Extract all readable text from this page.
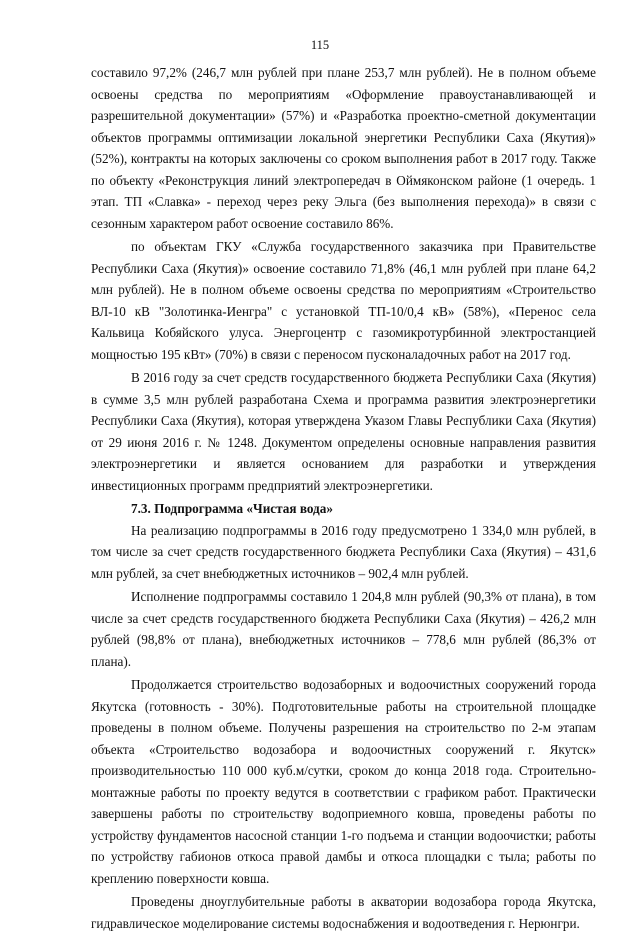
115

составило 97,2% (246,7 млн рублей при плане 253,7 млн рублей). Не в полном объеме освоены средства по мероприятиям «Оформление правоустанавливающей и разрешительной документации» (57%) и «Разработка проектно-сметной документации объектов программы оптимизации локальной энергетики Республики Саха (Якутия)» (52%), контракты на которых заключены со сроком выполнения работ в 2017 году. Также по объекту «Реконструкция линий электропередач в Оймяконском районе (1 очередь. 1 этап. ТП «Славка» - переход через реку Эльга (без выполнения перехода)» в связи с сезонным характером работ освоение составило 86%.

по объектам ГКУ «Служба государственного заказчика при Правительстве Республики Саха (Якутия)» освоение составило 71,8% (46,1 млн рублей при плане 64,2 млн рублей). Не в полном объеме освоены средства по мероприятиям «Строительство ВЛ-10 кВ "Золотинка-Иенгра" с установкой ТП-10/0,4 кВ» (58%), «Перенос села Кальвица Кобяйского улуса. Энергоцентр с газомикротурбинной электростанцией мощностью 195 кВт» (70%) в связи с переносом пусконаладочных работ на 2017 год.

В 2016 году за счет средств государственного бюджета Республики Саха (Якутия) в сумме 3,5 млн рублей разработана Схема и программа развития электроэнергетики Республики Саха (Якутия), которая утверждена Указом Главы Республики Саха (Якутия) от 29 июня 2016 г. № 1248. Документом определены основные направления развития электроэнергетики и является основанием для разработки и утверждения инвестиционных программ предприятий электроэнергетики.

7.3. Подпрограмма «Чистая вода»

На реализацию подпрограммы в 2016 году предусмотрено 1 334,0 млн рублей, в том числе за счет средств государственного бюджета Республики Саха (Якутия) – 431,6 млн рублей, за счет внебюджетных источников – 902,4 млн рублей.

Исполнение подпрограммы составило 1 204,8 млн рублей (90,3% от плана), в том числе за счет средств государственного бюджета Республики Саха (Якутия) – 426,2 млн рублей (98,8% от плана), внебюджетных источников – 778,6 млн рублей (86,3% от плана).

Продолжается строительство водозаборных и водоочистных сооружений города Якутска (готовность - 30%). Подготовительные работы на строительной площадке проведены в полном объеме. Получены разрешения на строительство по 2-м этапам объекта «Строительство водозабора и водоочистных сооружений г. Якутск» производительностью 110 000 куб.м/сутки, сроком до конца 2018 года. Строительно-монтажные работы по проекту ведутся в соответствии с графиком работ. Практически завершены работы по строительству водоприемного ковша, проведены работы по устройству фундаментов насосной станции 1-го подъема и станции водоочистки; работы по устройству габионов откоса правой дамбы и откоса площадки с тыла; работы по креплению поверхности ковша.

Проведены дноуглубительные работы в акватории водозабора города Якутска, гидравлическое моделирование системы водоснабжения и водоотведения г. Нерюнгри.
